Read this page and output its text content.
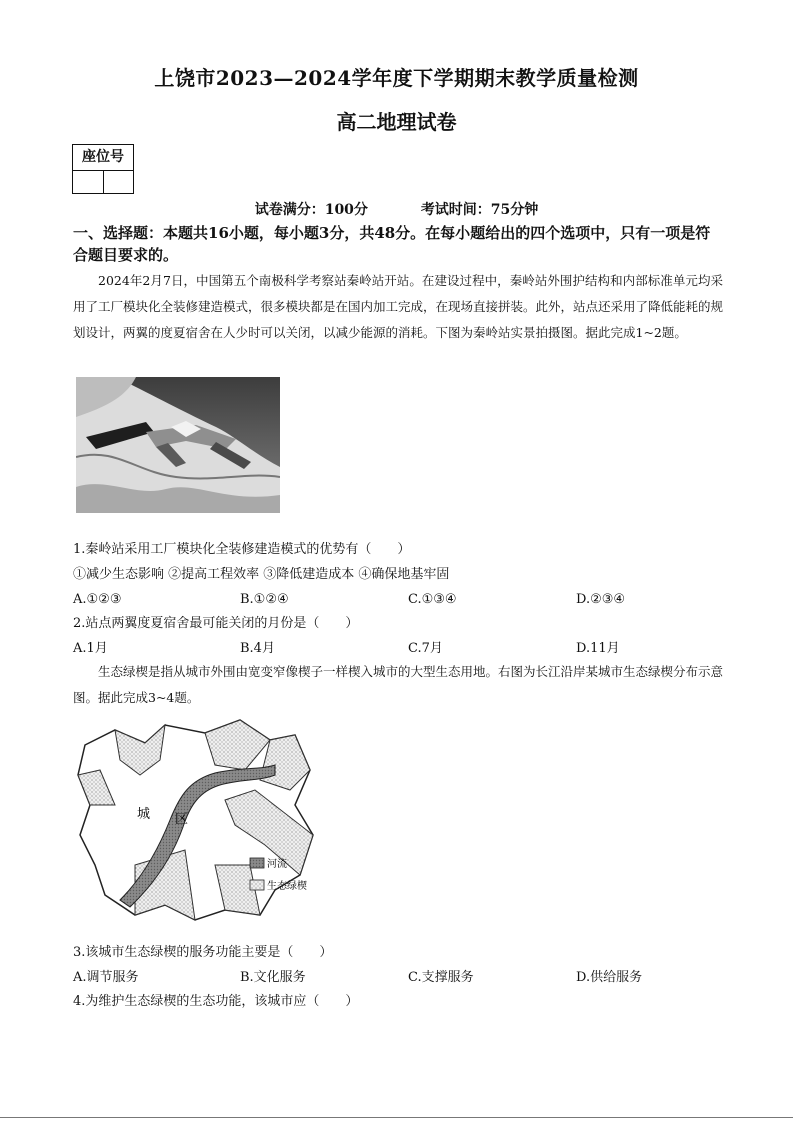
上饶市2023—2024学年度下学期期末教学质量检测
高二地理试卷
座位号
试卷满分：100分	考试时间：75分钟
一、选择题：本题共16小题，每小题3分，共48分。在每小题给出的四个选项中，只有一项是符合题目要求的。
2024年2月7日，中国第五个南极科学考察站秦岭站开站。在建设过程中，秦岭站外围护结构和内部标准单元均采用了工厂模块化全装修建造模式，很多模块都是在国内加工完成，在现场直接拼装。此外，站点还采用了降低能耗的规划设计，两翼的度夏宿舍在人少时可以关闭，以减少能源的消耗。下图为秦岭站实景拍摄图。据此完成1~2题。
1.秦岭站采用工厂模块化全装修建造模式的优势有（　　）
①减少生态影响 ②提高工程效率 ③降低建造成本 ④确保地基牢固
A.①②③	B.①②④	C.①③④	D.②③④
2.站点两翼度夏宿舍最可能关闭的月份是（　　）
A.1月	B.4月	C.7月	D.11月
生态绿楔是指从城市外围由宽变窄像楔子一样楔入城市的大型生态用地。右图为长江沿岸某城市生态绿楔分布示意图。据此完成3~4题。
城 区
河流
生态绿楔
3.该城市生态绿楔的服务功能主要是（　　）
A.调节服务	B.文化服务	C.支撑服务	D.供给服务
4.为维护生态绿楔的生态功能，该城市应（　　）
